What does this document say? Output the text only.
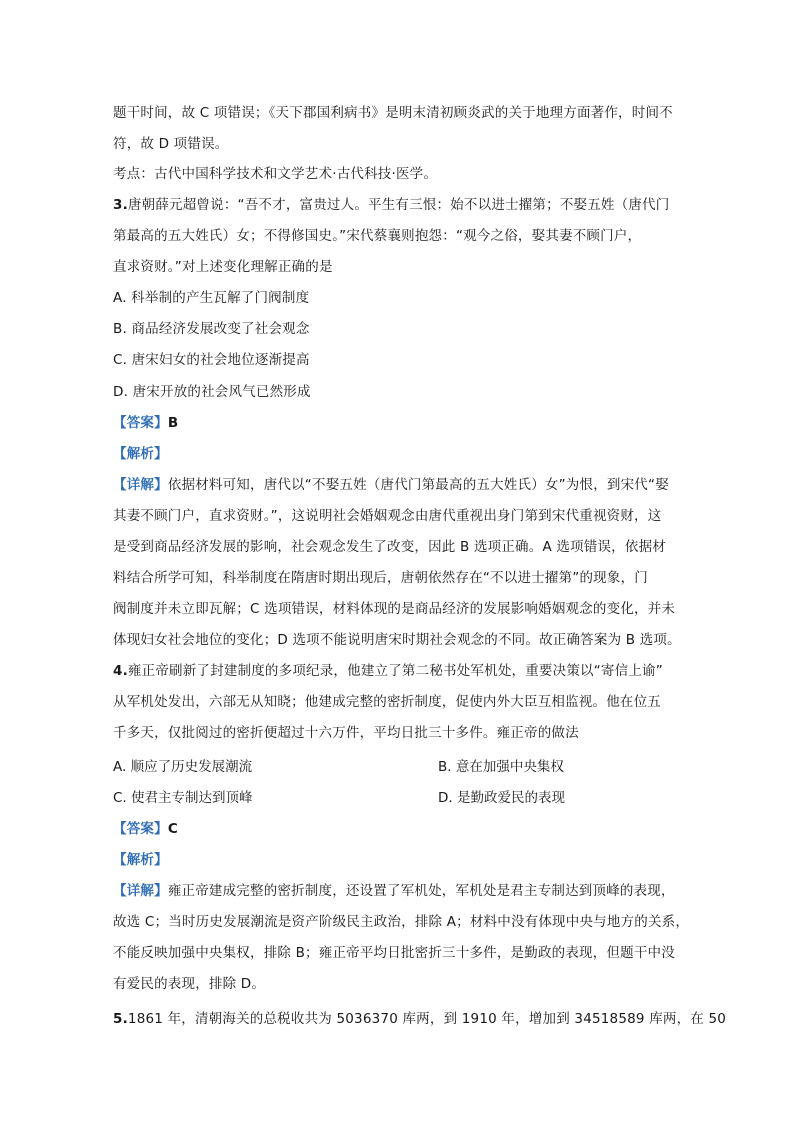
题干时间，故 C 项错误；《天下郡国利病书》是明末清初顾炎武的关于地理方面著作，时间不
符，故 D 项错误。
考点：古代中国科学技术和文学艺术·古代科技·医学。
3.唐朝薛元超曾说：“吾不才，富贵过人。平生有三恨：始不以进士擢第；不娶五姓（唐代门
第最高的五大姓氏）女；不得修国史。”宋代蔡襄则抱怨：“观今之俗，娶其妻不顾门户，
直求资财。”对上述变化理解正确的是
A. 科举制的产生瓦解了门阀制度
B. 商品经济发展改变了社会观念
C. 唐宋妇女的社会地位逐渐提高
D. 唐宋开放的社会风气已然形成
【答案】B
【解析】
【详解】依据材料可知，唐代以“不娶五姓（唐代门第最高的五大姓氏）女”为恨，到宋代“娶
其妻不顾门户，直求资财。”，这说明社会婚姻观念由唐代重视出身门第到宋代重视资财，这
是受到商品经济发展的影响，社会观念发生了改变，因此 B 选项正确。A 选项错误，依据材
料结合所学可知，科举制度在隋唐时期出现后，唐朝依然存在“不以进士擢第”的现象，门
阀制度并未立即瓦解；C 选项错误，材料体现的是商品经济的发展影响婚姻观念的变化，并未
体现妇女社会地位的变化；D 选项不能说明唐宋时期社会观念的不同。故正确答案为 B 选项。
4.雍正帝刷新了封建制度的多项纪录，他建立了第二秘书处军机处，重要决策以“寄信上谕”
从军机处发出，六部无从知晓；他建成完整的密折制度，促使内外大臣互相监视。他在位五
千多天，仅批阅过的密折便超过十六万件，平均日批三十多件。雍正帝的做法
A. 顺应了历史发展潮流	B. 意在加强中央集权
C. 使君主专制达到顶峰	D. 是勤政爱民的表现
【答案】C
【解析】
【详解】雍正帝建成完整的密折制度，还设置了军机处，军机处是君主专制达到顶峰的表现，
故选 C；当时历史发展潮流是资产阶级民主政治，排除 A；材料中没有体现中央与地方的关系，
不能反映加强中央集权，排除 B；雍正帝平均日批密折三十多件，是勤政的表现，但题干中没
有爱民的表现，排除 D。
5.1861 年，清朝海关的总税收共为 5036370 库两，到 1910 年，增加到 34518589 库两，在 50
